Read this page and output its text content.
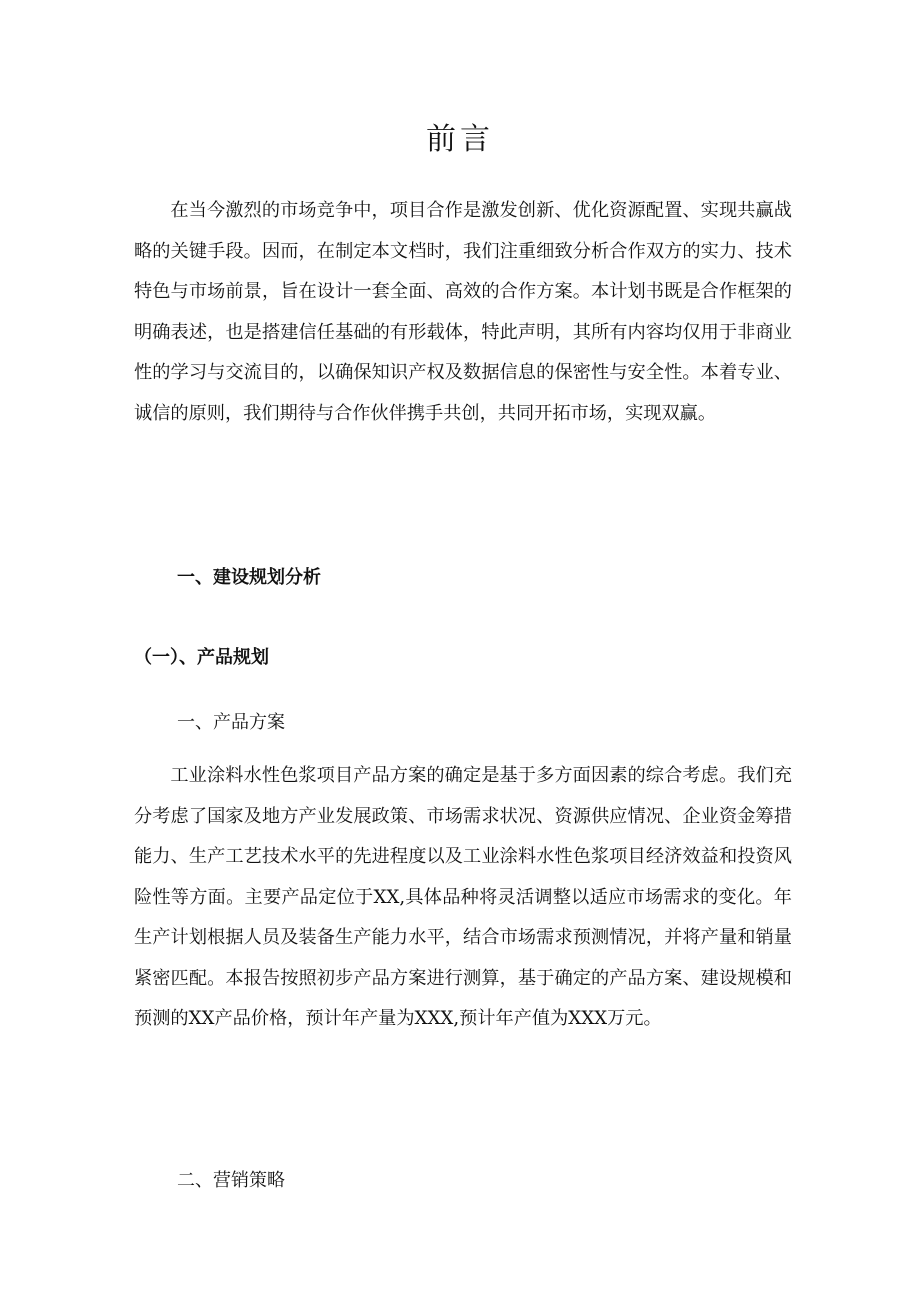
前言

在当今激烈的市场竞争中，项目合作是激发创新、优化资源配置、实现共赢战略的关键手段。因而，在制定本文档时，我们注重细致分析合作双方的实力、技术特色与市场前景，旨在设计一套全面、高效的合作方案。本计划书既是合作框架的明确表述，也是搭建信任基础的有形载体，特此声明，其所有内容均仅用于非商业性的学习与交流目的，以确保知识产权及数据信息的保密性与安全性。本着专业、诚信的原则，我们期待与合作伙伴携手共创，共同开拓市场，实现双赢。

一、建设规划分析
（一）、产品规划
一、产品方案

工业涂料水性色浆项目产品方案的确定是基于多方面因素的综合考虑。我们充分考虑了国家及地方产业发展政策、市场需求状况、资源供应情况、企业资金筹措能力、生产工艺技术水平的先进程度以及工业涂料水性色浆项目经济效益和投资风险性等方面。主要产品定位于XX,具体品种将灵活调整以适应市场需求的变化。年生产计划根据人员及装备生产能力水平，结合市场需求预测情况，并将产量和销量紧密匹配。本报告按照初步产品方案进行测算，基于确定的产品方案、建设规模和预测的XX产品价格，预计年产量为XXX,预计年产值为XXX万元。

二、营销策略
